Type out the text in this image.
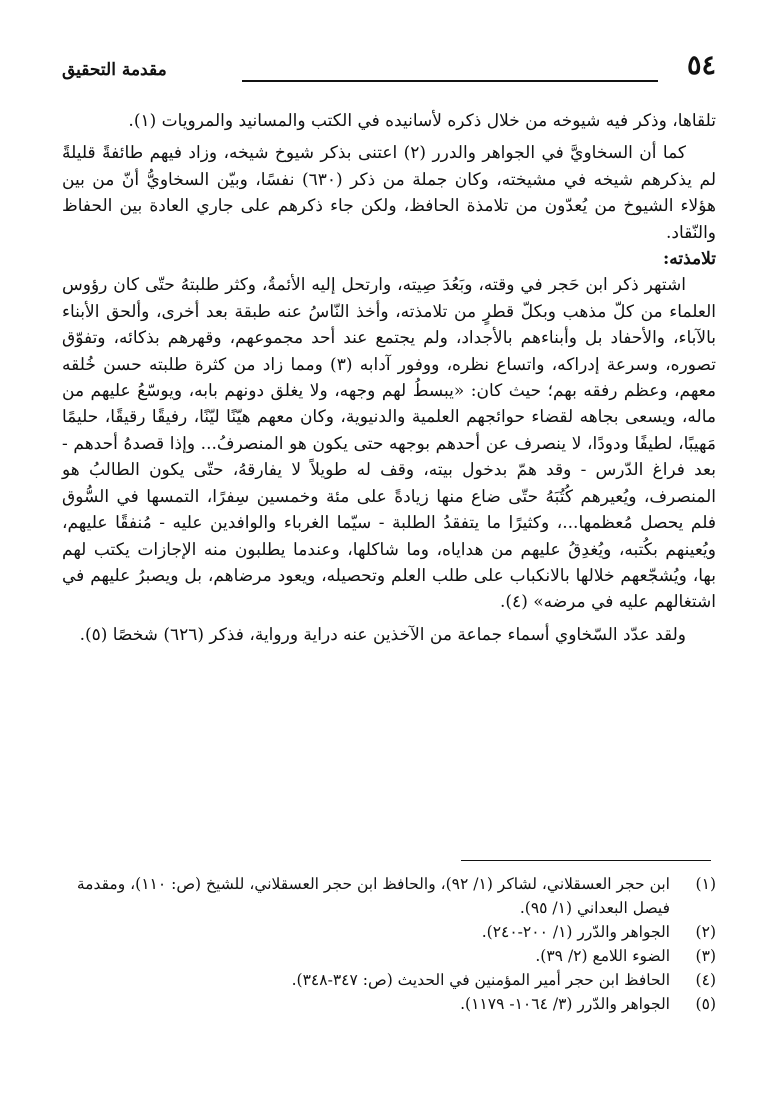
٥٤
مقدمة التحقيق

تلقاها، وذكر فيه شيوخه من خلال ذكره لأسانيده في الكتب والمسانيد والمرويات (١).

كما أن السخاويَّ في الجواهر والدرر (٢) اعتنى بذكر شيوخ شيخه، وزاد فيهم طائفةً قليلةً لم يذكرهم شيخه في مشيخته، وكان جملة من ذكر (٦٣٠) نفسًا، وبيّن السخاويُّ أنّ من بين هؤلاء الشيوخ من يُعدّون من تلامذة الحافظ، ولكن جاء ذكرهم على جاري العادة بين الحفاظ والنّقاد.

تلامذته:

اشتهر ذكر ابن حَجر في وقته، وبَعُدَ صِيته، وارتحل إليه الأئمةُ، وكثر طلبتهُ حتّى كان رؤوس العلماء من كلّ مذهب وبكلّ قطرٍ من تلامذته، وأخذ النّاسُ عنه طبقة بعد أخرى، وألحق الأبناء بالآباء، والأحفاد بل وأبناءهم بالأجداد، ولم يجتمع عند أحد مجموعهم، وقهرهم بذكائه، وتفوّق تصوره، وسرعة إدراكه، واتساع نظره، ووفور آدابه (٣) ومما زاد من كثرة طلبته حسن خُلقه معهم، وعظم رفقه بهم؛ حيث كان: «يبسطُ لهم وجهه، ولا يغلق دونهم بابه، ويوسّعُ عليهم من ماله، ويسعى بجاهه لقضاء حوائجهم العلمية والدنيوية، وكان معهم هيّنًا ليّنًا، رفيقًا رقيقًا، حليمًا مَهيبًا، لطيفًا ودودًا، لا ينصرف عن أحدهم بوجهه حتى يكون هو المنصرفُ... وإذا قصدهُ أحدهم - بعد فراغ الدّرس - وقد همّ بدخول بيته، وقف له طويلاً لا يفارقهُ، حتّى يكون الطالبُ هو المنصرف، ويُعيرهم كُتُبَهُ حتّى ضاع منها زيادةً على مئة وخمسين سِفرًا، التمسها في السُّوق فلم يحصل مُعظمها...، وكثيرًا ما يتفقدُ الطلبة - سيّما الغرباء والوافدين عليه - مُنفقًا عليهم، ويُعينهم بكُتبه، ويُغدِقُ عليهم من هداياه، وما شاكلها، وعندما يطلبون منه الإجازات يكتب لهم بها، ويُشجّعهم خلالها بالانكباب على طلب العلم وتحصيله، ويعود مرضاهم، بل ويصبرُ عليهم في اشتغالهم عليه في مرضه» (٤).

ولقد عدّد السّخاوي أسماء جماعة من الآخذين عنه دراية ورواية، فذكر (٦٢٦) شخصًا (٥).

(١)
ابن حجر العسقلاني، لشاكر (١/ ٩٢)، والحافظ ابن حجر العسقلاني، للشيخ (ص: ١١٠)، ومقدمة فيصل البعداني (١/ ٩٥).
(٢)
الجواهر والدّرر (١/ ٢٠٠-٢٤٠).
(٣)
الضوء اللامع (٢/ ٣٩).
(٤)
الحافظ ابن حجر أمير المؤمنين في الحديث (ص: ٣٤٧-٣٤٨).
(٥)
الجواهر والدّرر (٣/ ١٠٦٤- ١١٧٩).
